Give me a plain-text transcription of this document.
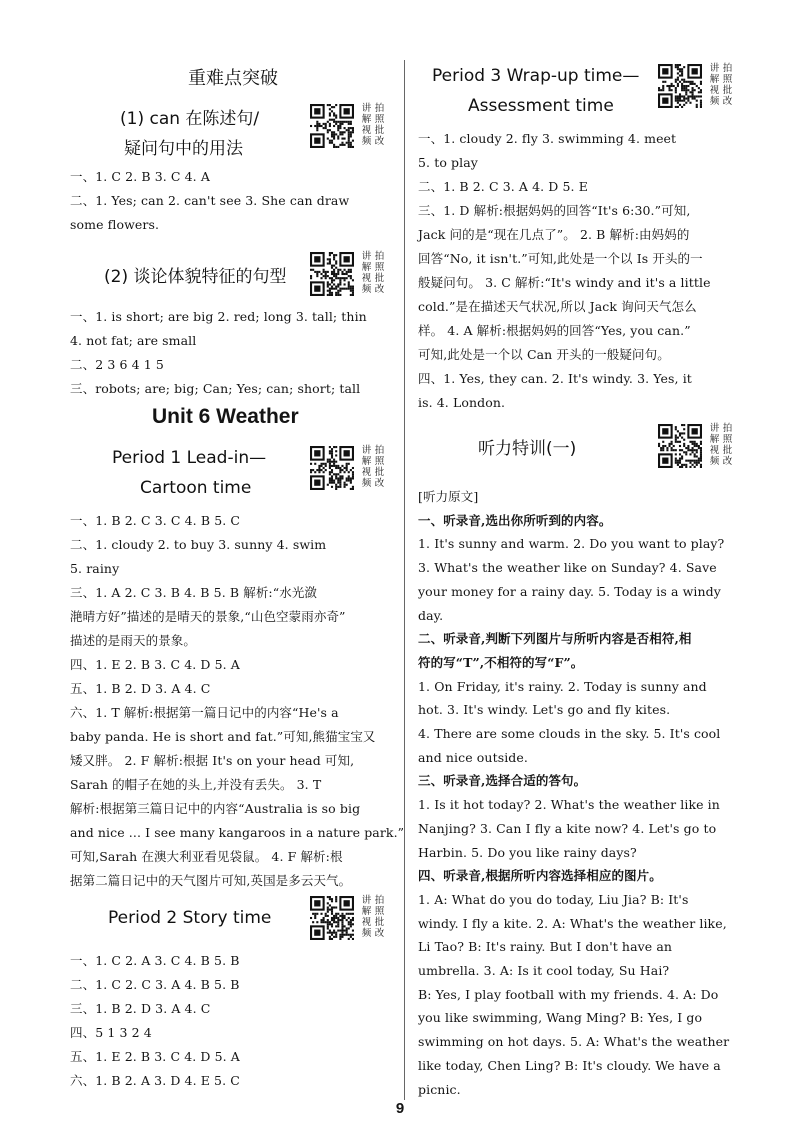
重难点突破
(1) can 在陈述句/
疑问句中的用法
讲 拍解 照视 批频 改
一、1. C 2. B 3. C 4. A
二、1. Yes; can 2. can't see 3. She can draw
some flowers.
(2) 谈论体貌特征的句型
讲 拍解 照视 批频 改
一、1. is short; are big 2. red; long 3. tall; thin
4. not fat; are small
二、2 3 6 4 1 5
三、robots; are; big; Can; Yes; can; short; tall
Unit 6 Weather
Period 1 Lead-in—
Cartoon time
讲 拍解 照视 批频 改
一、1. B 2. C 3. C 4. B 5. C
二、1. cloudy 2. to buy 3. sunny 4. swim
5. rainy
三、1. A 2. C 3. B 4. B 5. B 解析:“水光潋
滟晴方好”描述的是晴天的景象,“山色空蒙雨亦奇”
描述的是雨天的景象。
四、1. E 2. B 3. C 4. D 5. A
五、1. B 2. D 3. A 4. C
六、1. T 解析:根据第一篇日记中的内容“He's a
baby panda. He is short and fat.”可知,熊猫宝宝又
矮又胖。 2. F 解析:根据 It's on your head 可知,
Sarah 的帽子在她的头上,并没有丢失。 3. T
解析:根据第三篇日记中的内容“Australia is so big
and nice ... I see many kangaroos in a nature park.”
可知,Sarah 在澳大利亚看见袋鼠。 4. F 解析:根
据第二篇日记中的天气图片可知,英国是多云天气。
Period 2 Story time
讲 拍解 照视 批频 改
一、1. C 2. A 3. C 4. B 5. B
二、1. C 2. C 3. A 4. B 5. B
三、1. B 2. D 3. A 4. C
四、5 1 3 2 4
五、1. E 2. B 3. C 4. D 5. A
六、1. B 2. A 3. D 4. E 5. C
Period 3 Wrap-up time—
Assessment time
讲 拍解 照视 批频 改
一、1. cloudy 2. fly 3. swimming 4. meet
5. to play
二、1. B 2. C 3. A 4. D 5. E
三、1. D 解析:根据妈妈的回答“It's 6:30.”可知,
Jack 问的是“现在几点了”。 2. B 解析:由妈妈的
回答“No, it isn't.”可知,此处是一个以 Is 开头的一
般疑问句。 3. C 解析:“It's windy and it's a little
cold.”是在描述天气状况,所以 Jack 询问天气怎么
样。 4. A 解析:根据妈妈的回答“Yes, you can.”
可知,此处是一个以 Can 开头的一般疑问句。
四、1. Yes, they can. 2. It's windy. 3. Yes, it
is. 4. London.
听力特训(一)
讲 拍解 照视 批频 改
[听力原文]
一、听录音,选出你所听到的内容。
1. It's sunny and warm. 2. Do you want to play?
3. What's the weather like on Sunday? 4. Save
your money for a rainy day. 5. Today is a windy
day.
二、听录音,判断下列图片与所听内容是否相符,相
符的写“T”,不相符的写“F”。
1. On Friday, it's rainy. 2. Today is sunny and
hot. 3. It's windy. Let's go and fly kites.
4. There are some clouds in the sky. 5. It's cool
and nice outside.
三、听录音,选择合适的答句。
1. Is it hot today? 2. What's the weather like in
Nanjing? 3. Can I fly a kite now? 4. Let's go to
Harbin. 5. Do you like rainy days?
四、听录音,根据所听内容选择相应的图片。
1. A: What do you do today, Liu Jia? B: It's
windy. I fly a kite. 2. A: What's the weather like,
Li Tao? B: It's rainy. But I don't have an
umbrella. 3. A: Is it cool today, Su Hai?
B: Yes, I play football with my friends. 4. A: Do
you like swimming, Wang Ming? B: Yes, I go
swimming on hot days. 5. A: What's the weather
like today, Chen Ling? B: It's cloudy. We have a
picnic.
9
